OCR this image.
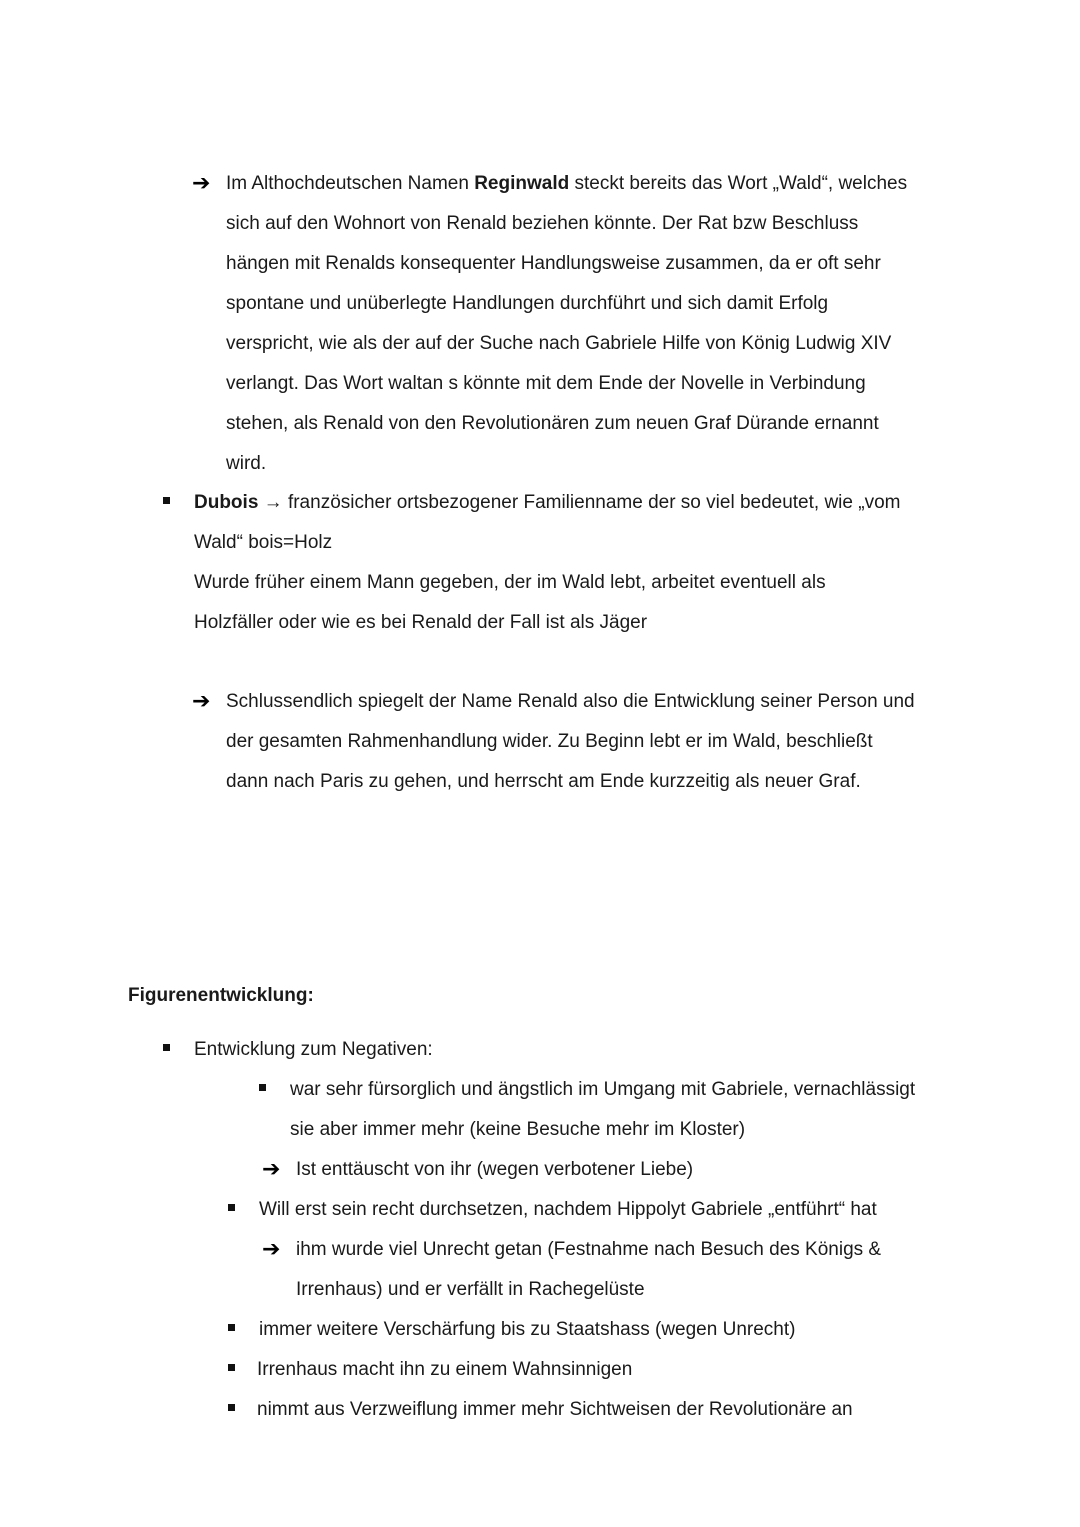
➔ Im Althochdeutschen Namen Reginwald steckt bereits das Wort „Wald“, welches
sich auf den Wohnort von Renald beziehen könnte. Der Rat bzw Beschluss
hängen mit Renalds konsequenter Handlungsweise zusammen, da er oft sehr
spontane und unüberlegte Handlungen durchführt und sich damit Erfolg
verspricht, wie als der auf der Suche nach Gabriele Hilfe von König Ludwig XIV
verlangt. Das Wort waltan s könnte mit dem Ende der Novelle in Verbindung
stehen, als Renald von den Revolutionären zum neuen Graf Dürande ernannt
wird.
Dubois → französicher ortsbezogener Familienname der so viel bedeutet, wie „vom
Wald“ bois=Holz
Wurde früher einem Mann gegeben, der im Wald lebt, arbeitet eventuell als
Holzfäller oder wie es bei Renald der Fall ist als Jäger
➔ Schlussendlich spiegelt der Name Renald also die Entwicklung seiner Person und
der gesamten Rahmenhandlung wider. Zu Beginn lebt er im Wald, beschließt
dann nach Paris zu gehen, und herrscht am Ende kurzzeitig als neuer Graf.
Figurenentwicklung:
Entwicklung zum Negativen:
war sehr fürsorglich und ängstlich im Umgang mit Gabriele, vernachlässigt
sie aber immer mehr (keine Besuche mehr im Kloster)
➔ Ist enttäuscht von ihr (wegen verbotener Liebe)
Will erst sein recht durchsetzen, nachdem Hippolyt Gabriele „entführt“ hat
➔ ihm wurde viel Unrecht getan (Festnahme nach Besuch des Königs &
Irrenhaus) und er verfällt in Rachegelüste
immer weitere Verschärfung bis zu Staatshass (wegen Unrecht)
Irrenhaus macht ihn zu einem Wahnsinnigen
nimmt aus Verzweiflung immer mehr Sichtweisen der Revolutionäre an
